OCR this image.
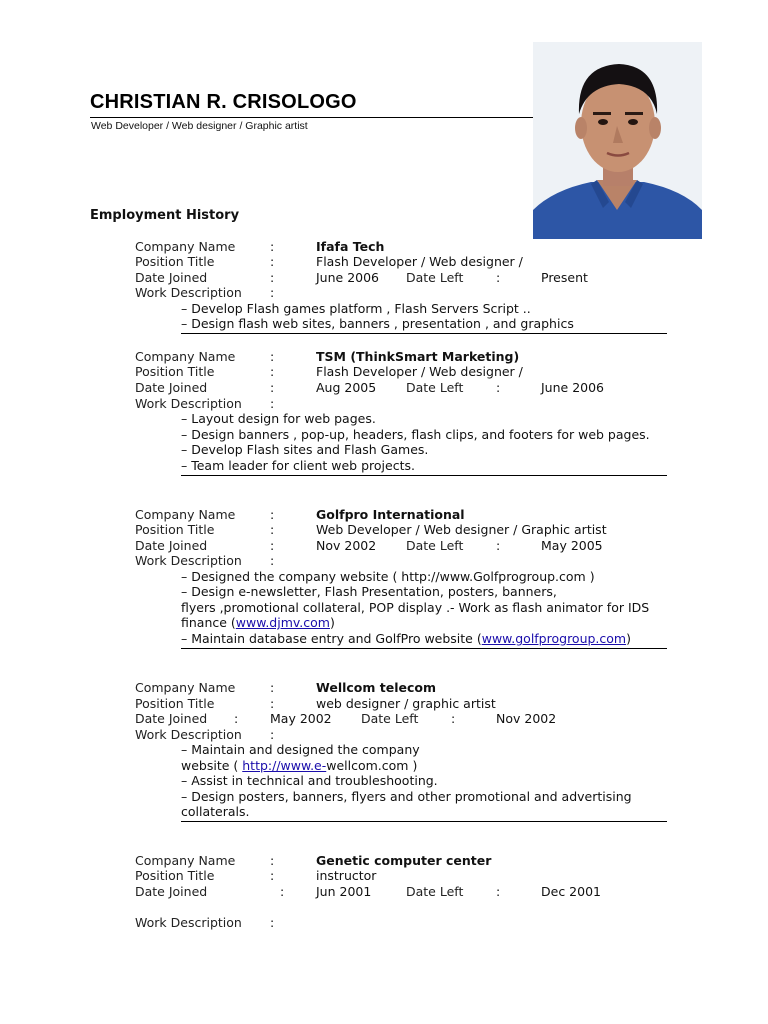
CHRISTIAN R. CRISOLOGO
Web Developer / Web designer / Graphic artist
Employment History
Company Name	:	Ifafa Tech
Position Title	:	Flash Developer / Web designer /
Date Joined	:	June 2006 Date Left	:	Present
Work Description :
– Develop Flash games platform , Flash Servers Script ..
– Design flash web sites, banners , presentation , and graphics
Company Name	:	TSM (ThinkSmart Marketing)
Position Title	:	Flash Developer / Web designer /
Date Joined	:	Aug 2005 Date Left	:	June 2006
Work Description :
– Layout design for web pages.
– Design banners , pop-up, headers, flash clips, and footers for web pages.
– Develop Flash sites and Flash Games.
– Team leader for client web projects.
Company Name	:	Golfpro International
Position Title	:	Web Developer / Web designer / Graphic artist
Date Joined	:	Nov 2002 Date Left	:	May 2005
Work Description :
– Designed the company website ( http://www.Golfprogroup.com )
– Design e-newsletter, Flash Presentation, posters, banners,
flyers ,promotional collateral, POP display .- Work as flash animator for IDS
finance (www.djmv.com)
– Maintain database entry and GolfPro website (www.golfprogroup.com)
Company Name	:	Wellcom telecom
Position Title	:	web designer / graphic artist
Date Joined :	May 2002 Date Left	:	Nov 2002
Work Description :
– Maintain and designed the company
website ( http://www.e-wellcom.com )
– Assist in technical and troubleshooting.
– Design posters, banners, flyers and other promotional and advertising
collaterals.
Company Name	:	Genetic computer center
Position Title	:	instructor
Date Joined	:	Jun 2001	Date Left	:	Dec 2001
Work Description :
